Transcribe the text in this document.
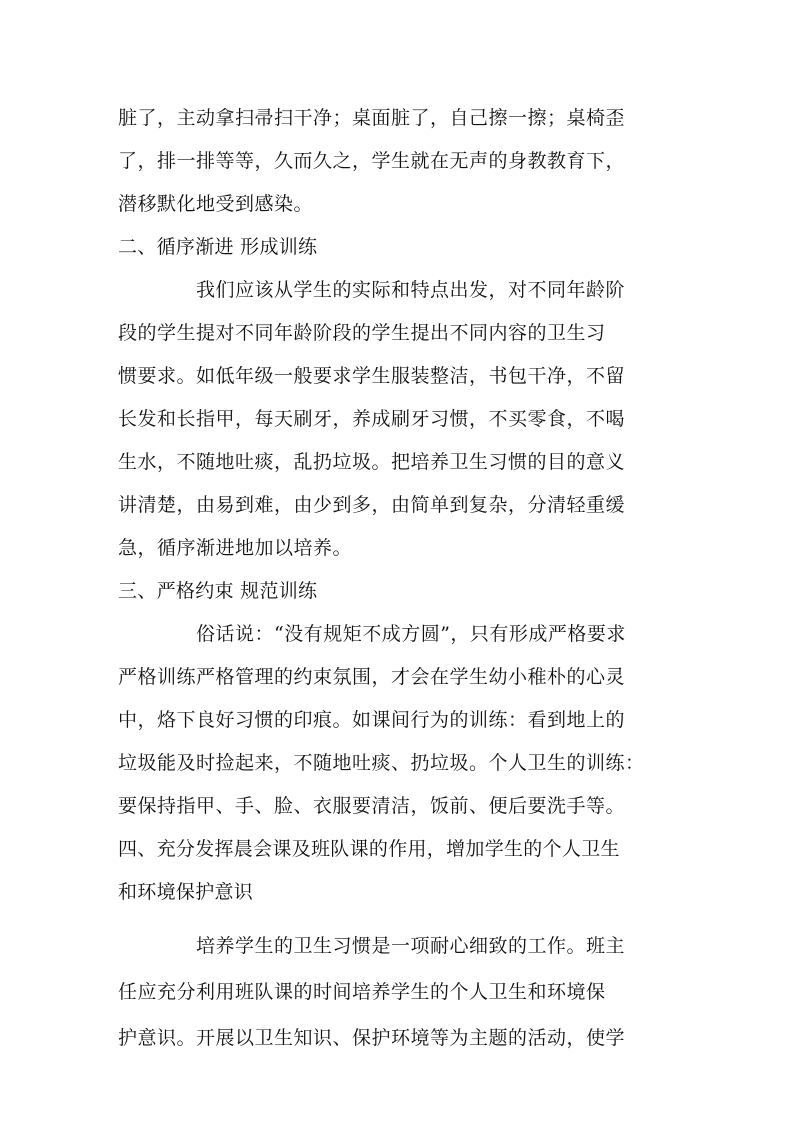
脏了，主动拿扫帚扫干净；桌面脏了，自己擦一擦；桌椅歪
了，排一排等等，久而久之，学生就在无声的身教教育下，
潜移默化地受到感染。
二、循序渐进 形成训练
我们应该从学生的实际和特点出发，对不同年龄阶
段的学生提对不同年龄阶段的学生提出不同内容的卫生习
惯要求。如低年级一般要求学生服装整洁，书包干净，不留
长发和长指甲，每天刷牙，养成刷牙习惯，不买零食，不喝
生水，不随地吐痰，乱扔垃圾。把培养卫生习惯的目的意义
讲清楚，由易到难，由少到多，由简单到复杂，分清轻重缓
急，循序渐进地加以培养。
三、严格约束 规范训练
俗话说：“没有规矩不成方圆”，只有形成严格要求
严格训练严格管理的约束氛围，才会在学生幼小稚朴的心灵
中，烙下良好习惯的印痕。如课间行为的训练：看到地上的
垃圾能及时捡起来，不随地吐痰、扔垃圾。个人卫生的训练：
要保持指甲、手、脸、衣服要清洁，饭前、便后要洗手等。
四、充分发挥晨会课及班队课的作用，增加学生的个人卫生
和环境保护意识
培养学生的卫生习惯是一项耐心细致的工作。班主
任应充分利用班队课的时间培养学生的个人卫生和环境保
护意识。开展以卫生知识、保护环境等为主题的活动，使学
